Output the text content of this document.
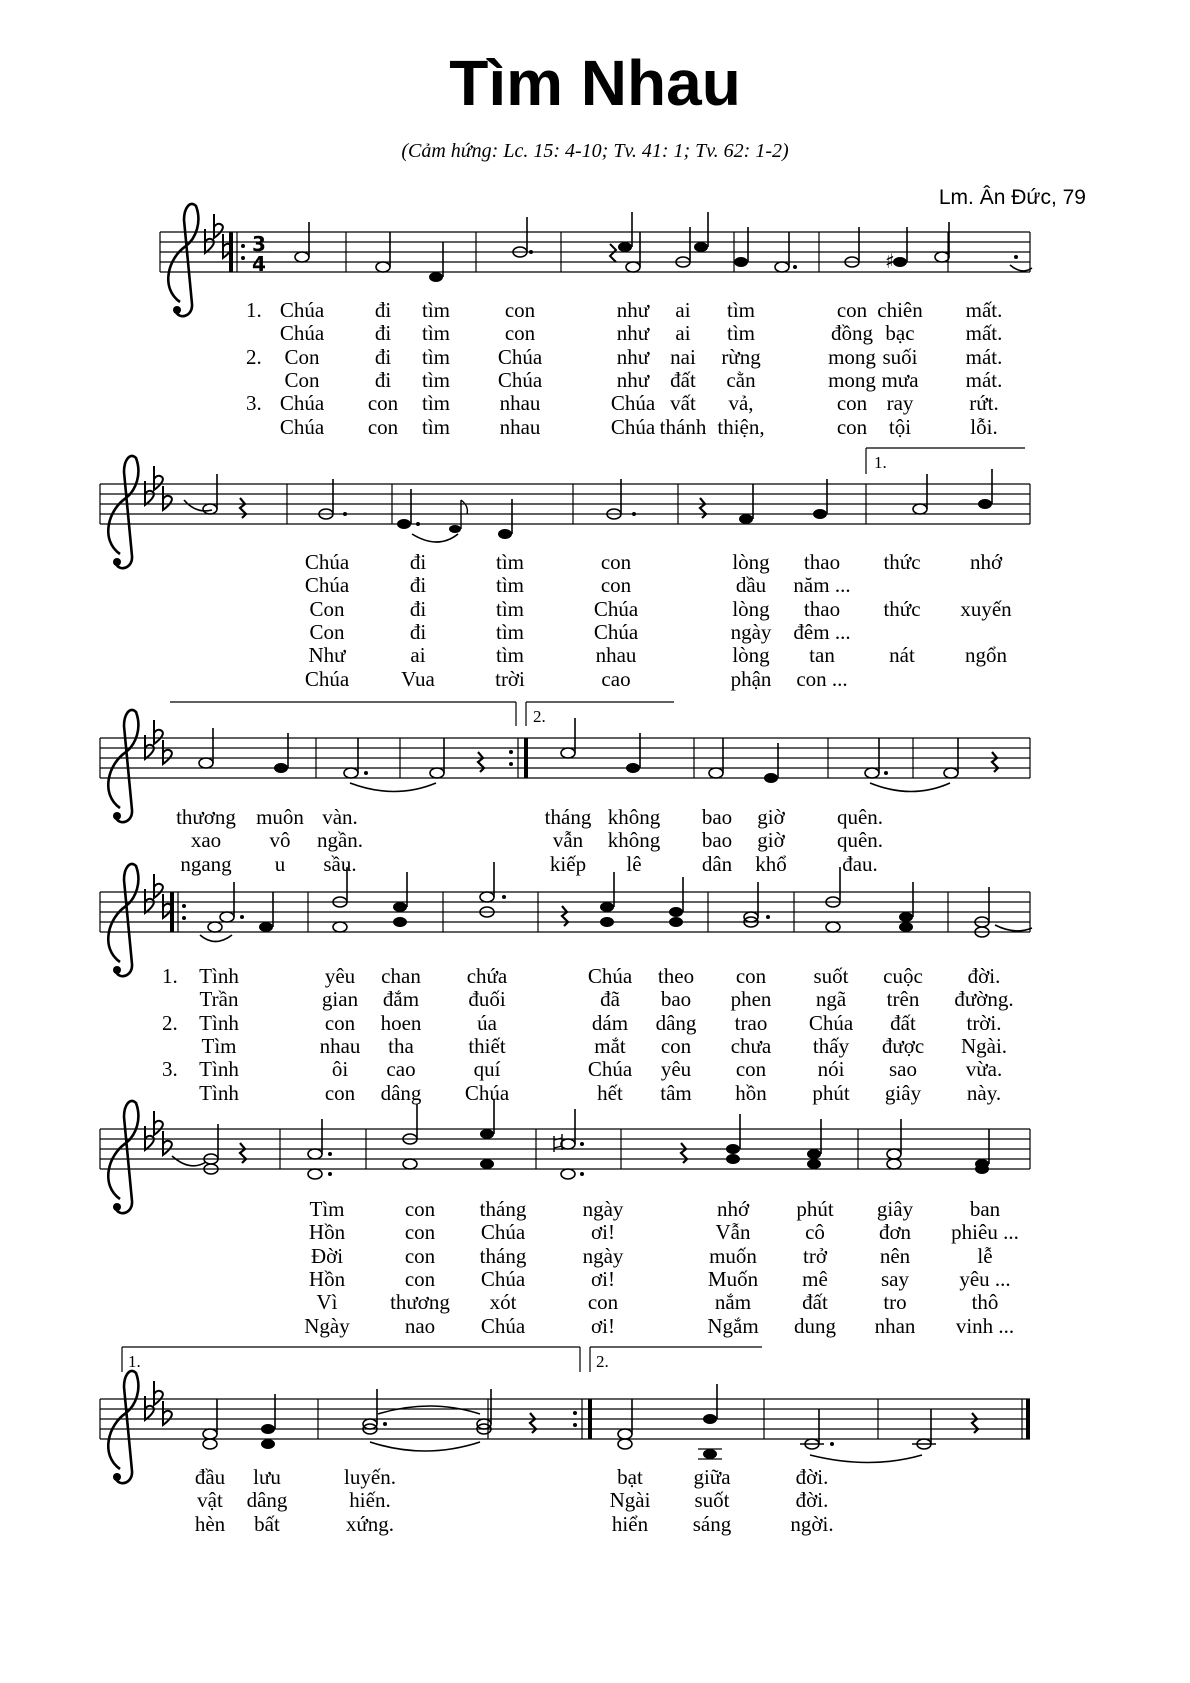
Tìm Nhau
(Cảm hứng: Lc. 15: 4-10; Tv. 41: 1; Tv. 62: 1-2)
Lm. Ân Đức, 79
3
4	♯
1.
2.
1.	2.
1. Chúa đi tìm	con	như ai tìm	con chiên mất.
Chúa đi tìm	con	như ai tìm	đồng bạc mất.
2. Con	đi tìm Chúa	như nai rừng	mong suối mát.
Con	đi tìm Chúa	như đất cằn	mong mưa mát.
3. Chúa con tìm nhau	Chúa vất vả,	con ray	rứt.
Chúa con tìm nhau	Chúa thánh thiện,	con tội	lỗi.
Chúa	đi	tìm	con	lòng thao thức nhớ
Chúa	đi	tìm	con	dầu năm ...
Con	đi	tìm	Chúa	lòng thao thức xuyến
Con	đi	tìm	Chúa	ngày đêm ...
Như	ai	tìm	nhau	lòng tan	nát ngổn
Chúa Vua	trời	cao	phận con ...
thương muôn vàn.	tháng không bao giờ quên.
xao vô ngần.	vẫn không bao giờ quên.
ngang u sầu.	kiếp lê	dân khổ	đau.
1. Tình	yêu chan chứa	Chúa theo con suốt cuộc đời.
Trần	gian đắm đuối	đã bao phen ngã trên đường.
2. Tình	con hoen	úa	dám dâng trao Chúa đất trời.
Tìm	nhau tha	thiết	mắt con chưa thấy được Ngài.
3. Tình	ôi cao	quí	Chúa yêu con nói sao vừa.
Tình	con dâng Chúa	hết tâm hồn phút giây này.
Tìm	con tháng	ngày	nhớ phút giây	ban
Hồn	con Chúa	ơi!	Vẫn	cô	đơn phiêu ...
Đời	con tháng	ngày	muốn trở	nên	lễ
Hồn	con Chúa	ơi!	Muốn mê	say yêu ...
Vì	thương xót	con	nắm đất	tro	thô
Ngày	nao Chúa	ơi!	Ngắm dung nhan vinh ...
đầu lưu	luyến.	bạt giữa	đời.
vật dâng	hiến.	Ngài suốt	đời.
hèn bất	xứng.	hiển sáng	ngời.
